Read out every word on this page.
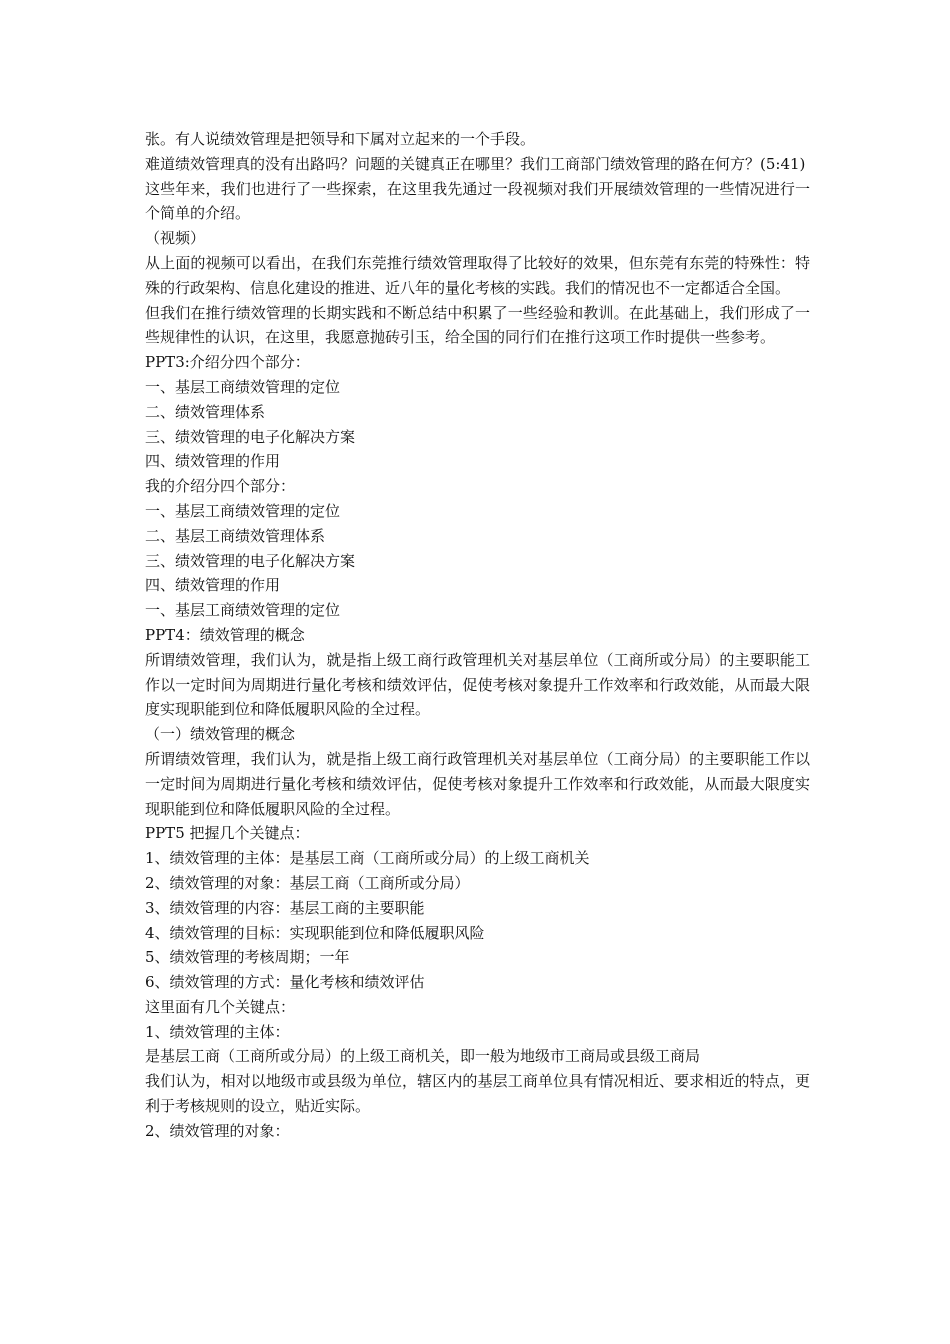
张。有人说绩效管理是把领导和下属对立起来的一个手段。

难道绩效管理真的没有出路吗？问题的关键真正在哪里？我们工商部门绩效管理的路在何方？(5:41)

这些年来，我们也进行了一些探索，在这里我先通过一段视频对我们开展绩效管理的一些情况进行一个简单的介绍。

（视频）

从上面的视频可以看出，在我们东莞推行绩效管理取得了比较好的效果，但东莞有东莞的特殊性：特殊的行政架构、信息化建设的推进、近八年的量化考核的实践。我们的情况也不一定都适合全国。

但我们在推行绩效管理的长期实践和不断总结中积累了一些经验和教训。在此基础上，我们形成了一些规律性的认识，在这里，我愿意抛砖引玉，给全国的同行们在推行这项工作时提供一些参考。

PPT3:介绍分四个部分：

一、基层工商绩效管理的定位

二、绩效管理体系

三、绩效管理的电子化解决方案

四、绩效管理的作用

我的介绍分四个部分：

一、基层工商绩效管理的定位

二、基层工商绩效管理体系

三、绩效管理的电子化解决方案

四、绩效管理的作用

一、基层工商绩效管理的定位

PPT4：绩效管理的概念

所谓绩效管理，我们认为，就是指上级工商行政管理机关对基层单位（工商所或分局）的主要职能工作以一定时间为周期进行量化考核和绩效评估，促使考核对象提升工作效率和行政效能，从而最大限度实现职能到位和降低履职风险的全过程。

（一）绩效管理的概念

所谓绩效管理，我们认为，就是指上级工商行政管理机关对基层单位（工商分局）的主要职能工作以一定时间为周期进行量化考核和绩效评估，促使考核对象提升工作效率和行政效能，从而最大限度实现职能到位和降低履职风险的全过程。

PPT5 把握几个关键点：

1、绩效管理的主体：是基层工商（工商所或分局）的上级工商机关

2、绩效管理的对象：基层工商（工商所或分局）

3、绩效管理的内容：基层工商的主要职能

4、绩效管理的目标：实现职能到位和降低履职风险

5、绩效管理的考核周期；一年

6、绩效管理的方式：量化考核和绩效评估

这里面有几个关键点：

1、绩效管理的主体：

是基层工商（工商所或分局）的上级工商机关，即一般为地级市工商局或县级工商局

我们认为，相对以地级市或县级为单位，辖区内的基层工商单位具有情况相近、要求相近的特点，更利于考核规则的设立，贴近实际。

2、绩效管理的对象：
